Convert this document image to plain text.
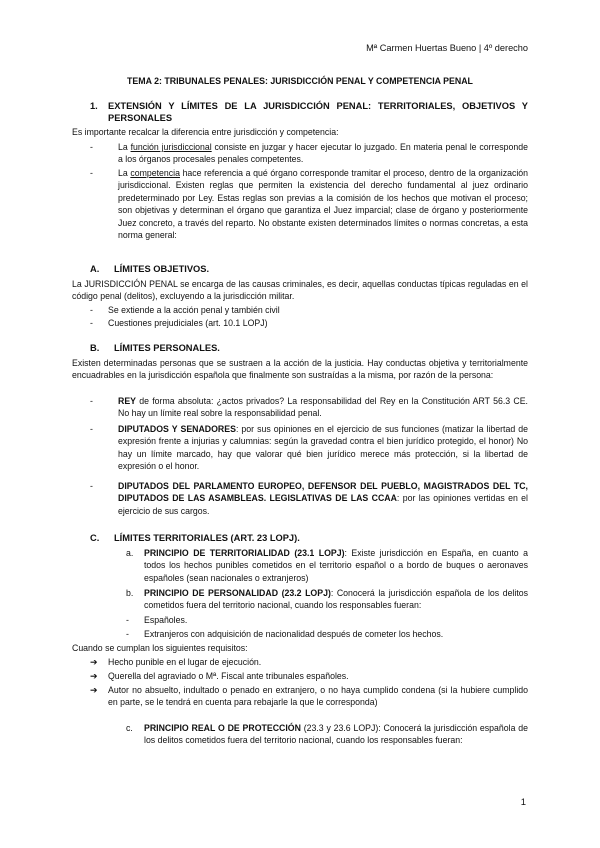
Mª Carmen Huertas Bueno | 4º derecho
TEMA 2: TRIBUNALES PENALES: JURISDICCIÓN PENAL Y COMPETENCIA PENAL
1.	EXTENSIÓN Y LÍMITES DE LA JURISDICCIÓN PENAL: TERRITORIALES, OBJETIVOS Y PERSONALES
Es importante recalcar la diferencia entre jurisdicción y competencia:
-	La función jurisdiccional consiste en juzgar y hacer ejecutar lo juzgado. En materia penal le corresponde a los órganos procesales penales competentes.
-	La competencia hace referencia a qué órgano corresponde tramitar el proceso, dentro de la organización jurisdiccional. Existen reglas que permiten la existencia del derecho fundamental al juez ordinario predeterminado por Ley. Estas reglas son previas a la comisión de los hechos que motivan el proceso; son objetivas y determinan el órgano que garantiza el Juez imparcial; clase de órgano y posteriormente Juez concreto, a través del reparto. No obstante existen determinados límites o normas concretas, a esta norma general:
A.	LÍMITES OBJETIVOS.
La JURISDICCIÓN PENAL se encarga de las causas criminales, es decir, aquellas conductas típicas reguladas en el código penal (delitos), excluyendo a la jurisdicción militar.
-	Se extiende a la acción penal y también civil
-	Cuestiones prejudiciales (art. 10.1 LOPJ)
B.	LÍMITES PERSONALES.
Existen determinadas personas que se sustraen a la acción de la justicia. Hay conductas objetiva y territorialmente encuadrables en la jurisdicción española que finalmente son sustraídas a la misma, por razón de la persona:
-	REY de forma absoluta: ¿actos privados? La responsabilidad del Rey en la Constitución ART 56.3 CE. No hay un límite real sobre la responsabilidad penal.
-	DIPUTADOS Y SENADORES: por sus opiniones en el ejercicio de sus funciones (matizar la libertad de expresión frente a injurias y calumnias: según la gravedad contra el bien jurídico protegido, el honor) No hay un límite marcado, hay que valorar qué bien jurídico merece más protección, si la libertad de expresión o el honor.
-	DIPUTADOS DEL PARLAMENTO EUROPEO, DEFENSOR DEL PUEBLO, MAGISTRADOS DEL TC, DIPUTADOS DE LAS ASAMBLEAS. LEGISLATIVAS DE LAS CCAA: por las opiniones vertidas en el ejercicio de sus cargos.
C.	LÍMITES TERRITORIALES (ART. 23 LOPJ).
a.	PRINCIPIO DE TERRITORIALIDAD (23.1 LOPJ): Existe jurisdicción en España, en cuanto a todos los hechos punibles cometidos en el territorio español o a bordo de buques o aeronaves españoles (sean nacionales o extranjeros)
b.	PRINCIPIO DE PERSONALIDAD (23.2 LOPJ): Conocerá la jurisdicción española de los delitos cometidos fuera del territorio nacional, cuando los responsables fueran:
-	Españoles.
-	Extranjeros con adquisición de nacionalidad después de cometer los hechos.
Cuando se cumplan los siguientes requisitos:
➔	Hecho punible en el lugar de ejecución.
➔	Querella del agraviado o Mª. Fiscal ante tribunales españoles.
➔	Autor no absuelto, indultado o penado en extranjero, o no haya cumplido condena (si la hubiere cumplido en parte, se le tendrá en cuenta para rebajarle la que le corresponda)
c.	PRINCIPIO REAL O DE PROTECCIÓN (23.3 y 23.6 LOPJ): Conocerá la jurisdicción española de los delitos cometidos fuera del territorio nacional, cuando los responsables fueran:
1
